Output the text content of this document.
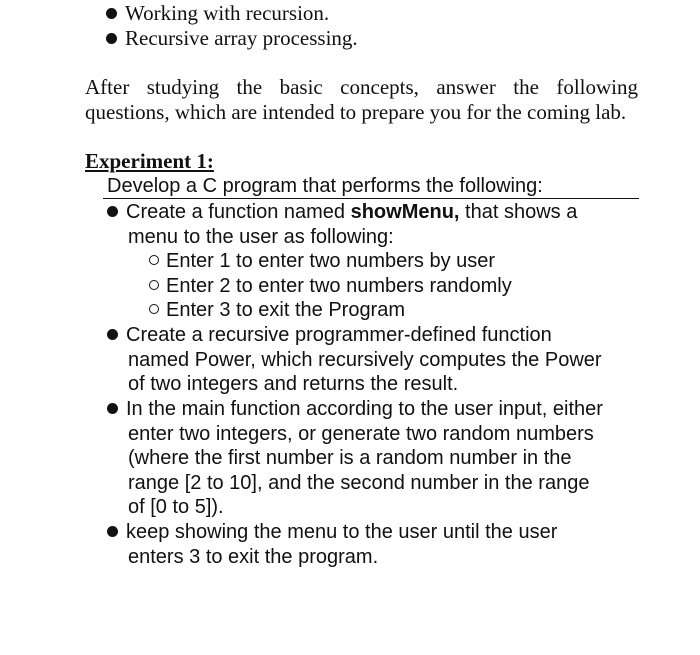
Working with recursion.
Recursive array processing.
After studying the basic concepts, answer the following
questions, which are intended to prepare you for the coming lab.
Experiment 1:
Develop a C program that performs the following:
Create a function named showMenu, that shows a
menu to the user as following:
Enter 1 to enter two numbers by user
Enter 2 to enter two numbers randomly
Enter 3 to exit the Program
Create a recursive programmer-defined function
named Power, which recursively computes the Power
of two integers and returns the result.
In the main function according to the user input, either
enter two integers, or generate two random numbers
(where the first number is a random number in the
range [2 to 10], and the second number in the range
of [0 to 5]).
keep showing the menu to the user until the user
enters 3 to exit the program.
